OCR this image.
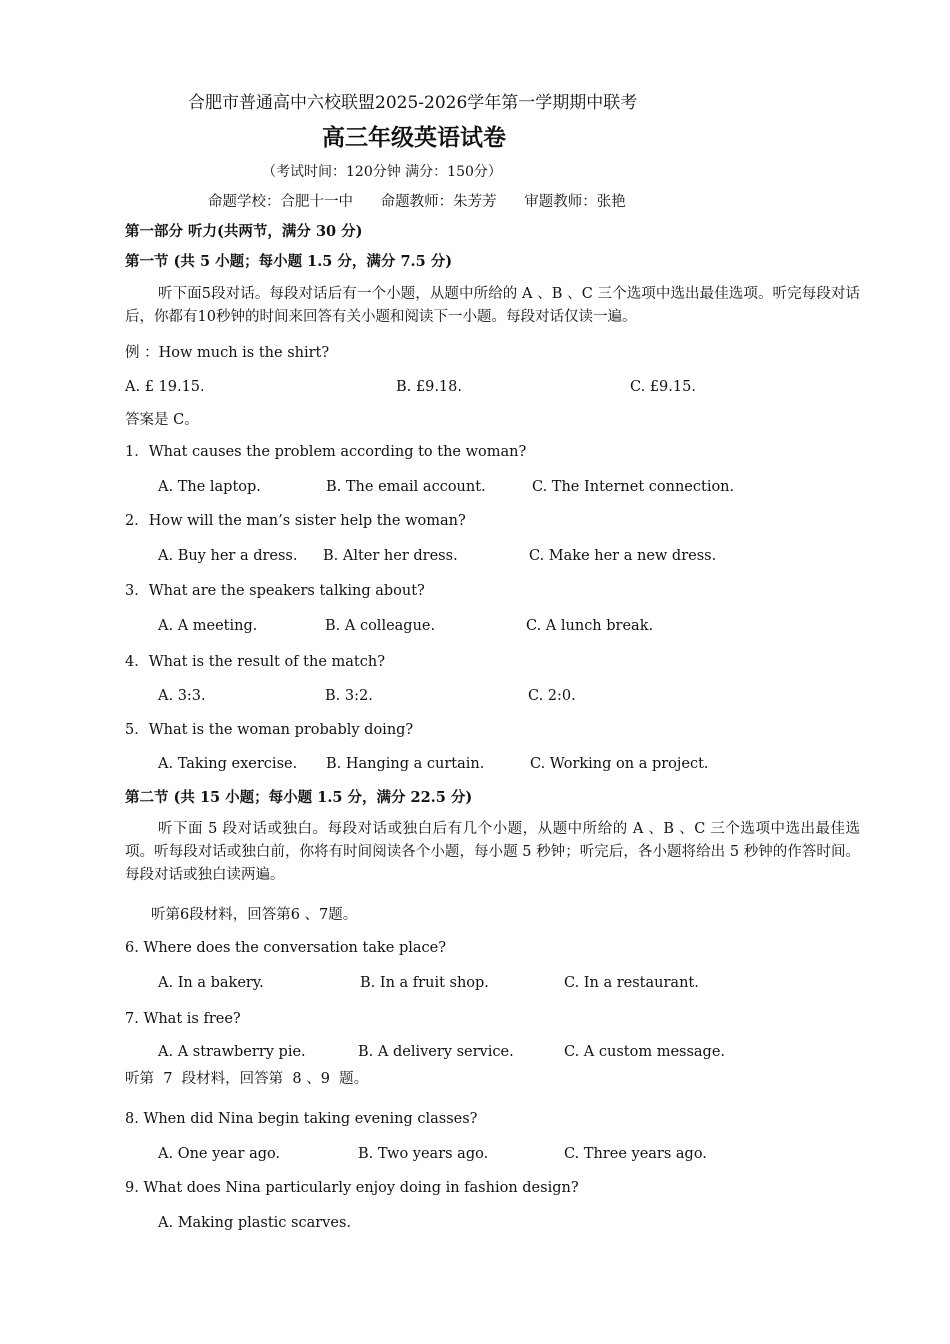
合肥市普通高中六校联盟2025-2026学年第一学期期中联考
高三年级英语试卷
（考试时间：120分钟 满分：150分）
命题学校：合肥十一中      命题教师：朱芳芳      审题教师：张艳
第一部分 听力(共两节，满分 30 分)
第一节 (共 5 小题；每小题 1.5 分，满分 7.5 分)
听下面5段对话。每段对话后有一个小题，从题中所给的 A 、B 、C 三个选项中选出最佳选项。听完每段对话后，你都有10秒钟的时间来回答有关小题和阅读下一小题。每段对话仅读一遍。
例 ：How much is the shirt?
A. £ 19.15.	B. £9.18.	C. £9.15.
答案是 C。
1．What causes the problem according to the woman?
A. The laptop.	B. The email account.	C. The Internet connection.
2．How will the man’s sister help the woman?
A. Buy her a dress. B. Alter her dress.	C. Make her a new dress.
3．What are the speakers talking about?
A. A meeting.	B. A colleague.	C. A lunch break.
4．What is the result of the match?
A. 3:3.	B. 3:2.	C. 2:0.
5．What is the woman probably doing?
A. Taking exercise. B. Hanging a curtain.	C. Working on a project.
第二节 (共 15 小题；每小题 1.5 分，满分 22.5 分)
听下面 5 段对话或独白。每段对话或独白后有几个小题，从题中所给的 A 、B 、C 三个选项中选出最佳选项。听每段对话或独白前，你将有时间阅读各个小题，每小题 5 秒钟；听完后，各小题将给出 5 秒钟的作答时间。每段对话或独白读两遍。
听第6段材料，回答第6 、7题。
6. Where does the conversation take place?
A. In a bakery.	B. In a fruit shop.	C. In a restaurant.
7. What is free?
A. A strawberry pie.	B. A delivery service.	C. A custom message.
听第  7  段材料，回答第  8 、9  题。
8. When did Nina begin taking evening classes?
A. One year ago.	B. Two years ago.	C. Three years ago.
9. What does Nina particularly enjoy doing in fashion design?
A. Making plastic scarves.
